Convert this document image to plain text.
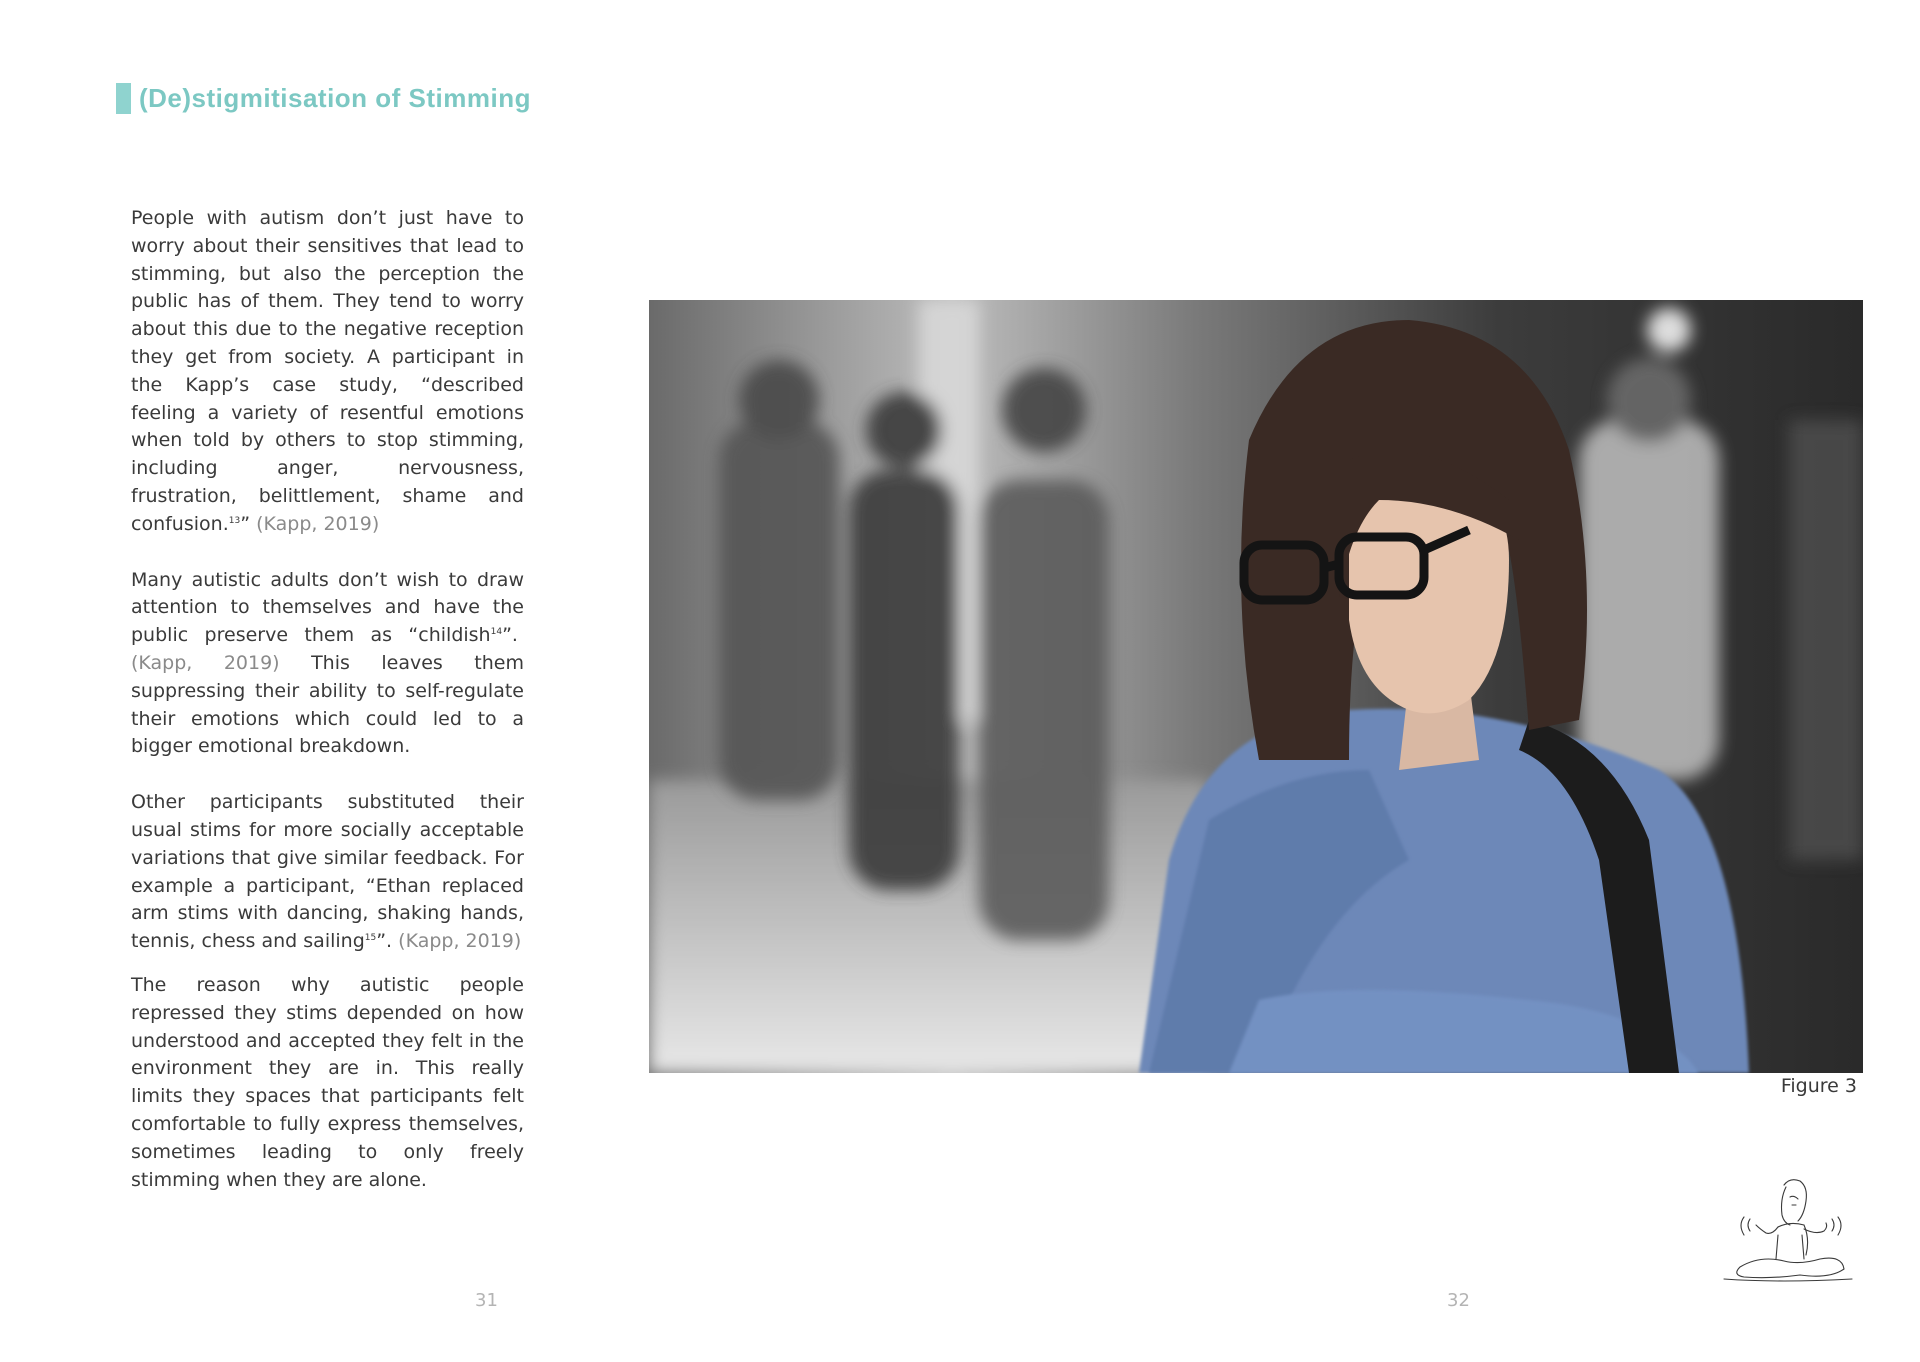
(De)stigmitisation of Stimming

People with autism don’t just have to worry about their sensitives that lead to stimming, but also the perception the public has of them. They tend to worry about this due to the negative reception they get from society. A participant in the Kapp’s case study, “described feeling a variety of resentful emotions when told by others to stop stimming, including anger, nervousness, frustration, belittlement, shame and confusion.$^{13}$” (Kapp, 2019)

Many autistic adults don’t wish to draw attention to themselves and have the public preserve them as “childish$^{14}$”.  (Kapp, 2019) This leaves them suppressing their ability to self-regulate their emotions which could led to a bigger emotional breakdown.

Other participants substituted their usual stims for more socially acceptable variations that give similar feedback. For example a participant, “Ethan replaced arm stims with dancing, shaking hands, tennis, chess and sailing$^{15}$”. (Kapp, 2019)

The reason why autistic people repressed they stims depended on how understood and accepted they felt in the environment they are in. This really limits they spaces that participants felt comfortable to fully express themselves, sometimes leading to only freely stimming when they are alone.

Figure 3
31	32
